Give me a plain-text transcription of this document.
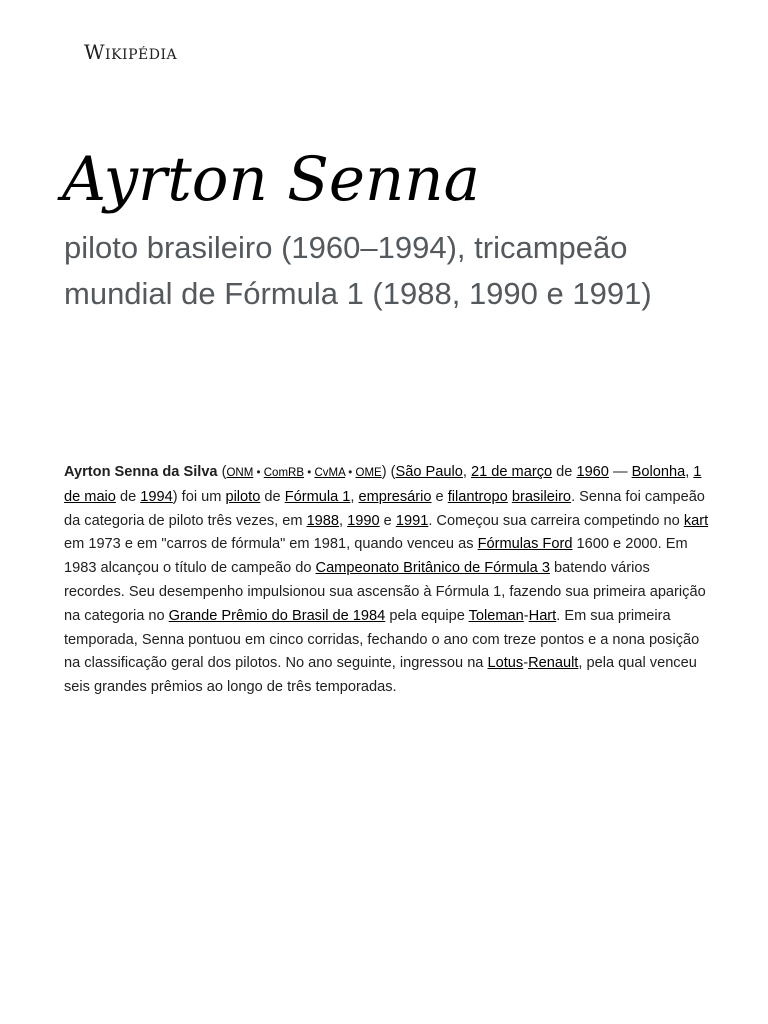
Wikipédia
Ayrton Senna

piloto brasileiro (1960–1994), tricampeão mundial de Fórmula 1 (1988, 1990 e 1991)

Ayrton Senna da Silva (ONM • ComRB • CvMA • OME) (São Paulo, 21 de março de 1960 — Bolonha, 1 de maio de 1994) foi um piloto de Fórmula 1, empresário e filantropo brasileiro. Senna foi campeão da categoria de piloto três vezes, em 1988, 1990 e 1991. Começou sua carreira competindo no kart em 1973 e em "carros de fórmula" em 1981, quando venceu as Fórmulas Ford 1600 e 2000. Em 1983 alcançou o título de campeão do Campeonato Britânico de Fórmula 3 batendo vários recordes. Seu desempenho impulsionou sua ascensão à Fórmula 1, fazendo sua primeira aparição na categoria no Grande Prêmio do Brasil de 1984 pela equipe Toleman-Hart. Em sua primeira temporada, Senna pontuou em cinco corridas, fechando o ano com treze pontos e a nona posição na classificação geral dos pilotos. No ano seguinte, ingressou na Lotus-Renault, pela qual venceu seis grandes prêmios ao longo de três temporadas.
